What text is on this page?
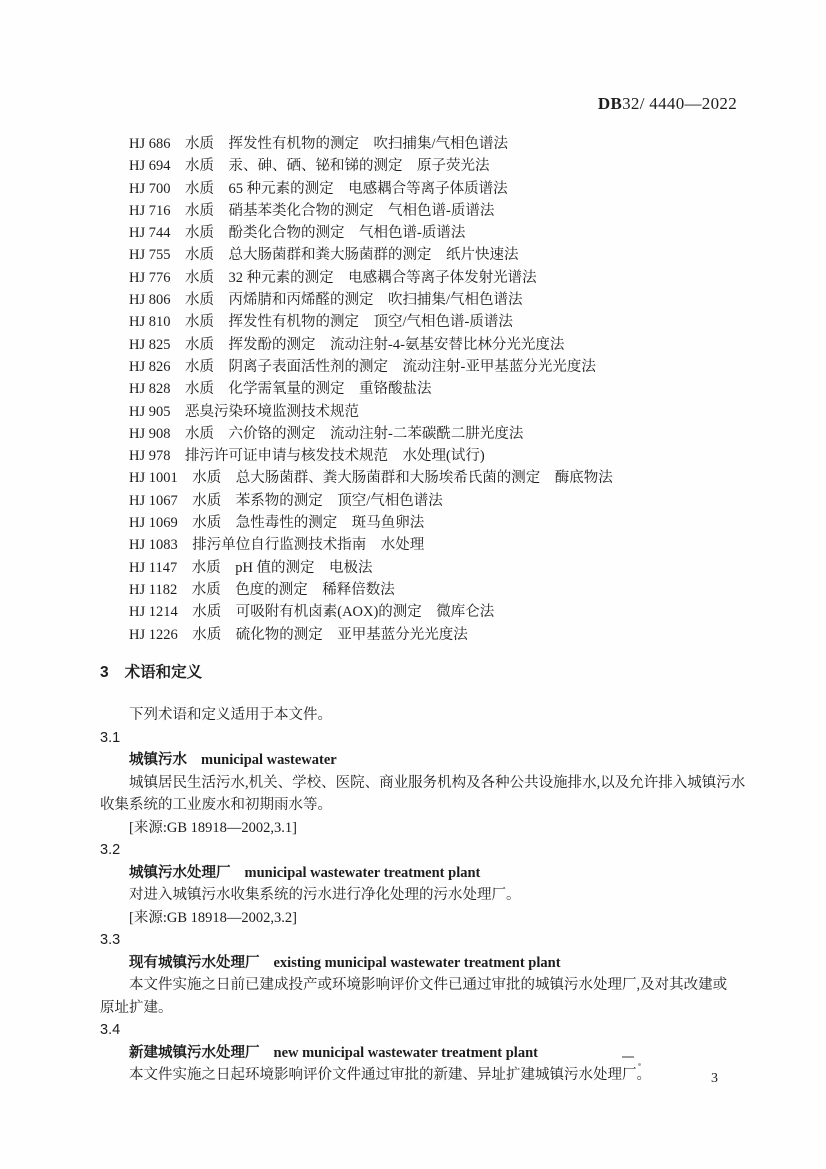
DB32/ 4440—2022
HJ 686　水质　挥发性有机物的测定　吹扫捕集/气相色谱法
HJ 694　水质　汞、砷、硒、铋和锑的测定　原子荧光法
HJ 700　水质　65 种元素的测定　电感耦合等离子体质谱法
HJ 716　水质　硝基苯类化合物的测定　气相色谱-质谱法
HJ 744　水质　酚类化合物的测定　气相色谱-质谱法
HJ 755　水质　总大肠菌群和粪大肠菌群的测定　纸片快速法
HJ 776　水质　32 种元素的测定　电感耦合等离子体发射光谱法
HJ 806　水质　丙烯腈和丙烯醛的测定　吹扫捕集/气相色谱法
HJ 810　水质　挥发性有机物的测定　顶空/气相色谱-质谱法
HJ 825　水质　挥发酚的测定　流动注射-4-氨基安替比林分光光度法
HJ 826　水质　阴离子表面活性剂的测定　流动注射-亚甲基蓝分光光度法
HJ 828　水质　化学需氧量的测定　重铬酸盐法
HJ 905　恶臭污染环境监测技术规范
HJ 908　水质　六价铬的测定　流动注射-二苯碳酰二肼光度法
HJ 978　排污许可证申请与核发技术规范　水处理(试行)
HJ 1001　水质　总大肠菌群、粪大肠菌群和大肠埃希氏菌的测定　酶底物法
HJ 1067　水质　苯系物的测定　顶空/气相色谱法
HJ 1069　水质　急性毒性的测定　斑马鱼卵法
HJ 1083　排污单位自行监测技术指南　水处理
HJ 1147　水质　pH 值的测定　电极法
HJ 1182　水质　色度的测定　稀释倍数法
HJ 1214　水质　可吸附有机卤素(AOX)的测定　微库仑法
HJ 1226　水质　硫化物的测定　亚甲基蓝分光光度法
3 术语和定义

下列术语和定义适用于本文件。

3.1
城镇污水 municipal wastewater
城镇居民生活污水,机关、学校、医院、商业服务机构及各种公共设施排水,以及允许排入城镇污水
收集系统的工业废水和初期雨水等。
[来源:GB 18918—2002,3.1]
3.2
城镇污水处理厂 municipal wastewater treatment plant
对进入城镇污水收集系统的污水进行净化处理的污水处理厂。
[来源:GB 18918—2002,3.2]
3.3
现有城镇污水处理厂 existing municipal wastewater treatment plant
本文件实施之日前已建成投产或环境影响评价文件已通过审批的城镇污水处理厂,及对其改建或
原址扩建。
3.4
新建城镇污水处理厂 new municipal wastewater treatment plant
本文件实施之日起环境影响评价文件通过审批的新建、异址扩建城镇污水处理厂。	3
